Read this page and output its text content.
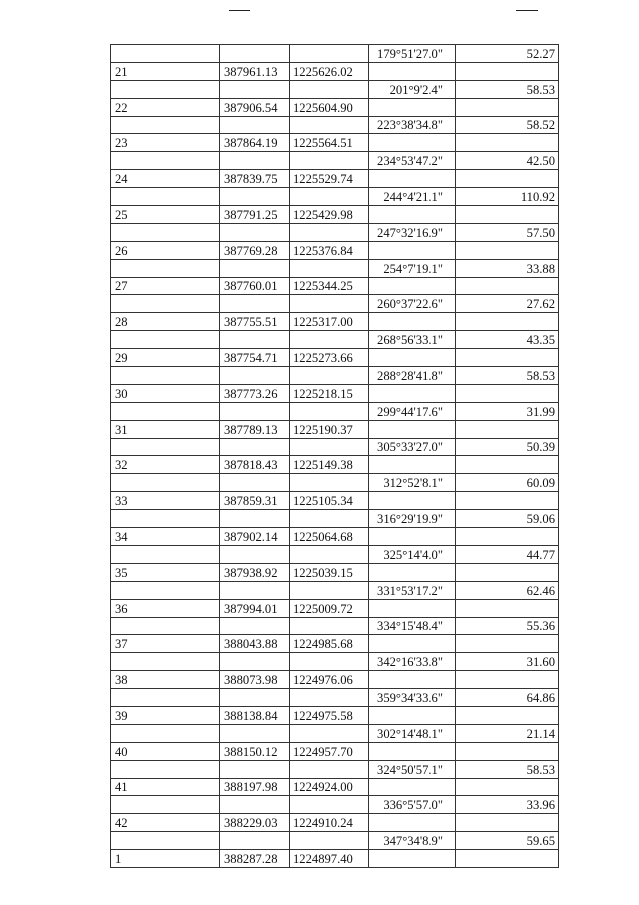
			179°51'27.0"	52.27
21	387961.13	1225626.02		
			201°9'2.4"	58.53
22	387906.54	1225604.90		
			223°38'34.8"	58.52
23	387864.19	1225564.51		
			234°53'47.2"	42.50
24	387839.75	1225529.74		
			244°4'21.1"	110.92
25	387791.25	1225429.98		
			247°32'16.9"	57.50
26	387769.28	1225376.84		
			254°7'19.1"	33.88
27	387760.01	1225344.25		
			260°37'22.6"	27.62
28	387755.51	1225317.00		
			268°56'33.1"	43.35
29	387754.71	1225273.66		
			288°28'41.8"	58.53
30	387773.26	1225218.15		
			299°44'17.6"	31.99
31	387789.13	1225190.37		
			305°33'27.0"	50.39
32	387818.43	1225149.38		
			312°52'8.1"	60.09
33	387859.31	1225105.34		
			316°29'19.9"	59.06
34	387902.14	1225064.68		
			325°14'4.0"	44.77
35	387938.92	1225039.15		
			331°53'17.2"	62.46
36	387994.01	1225009.72		
			334°15'48.4"	55.36
37	388043.88	1224985.68		
			342°16'33.8"	31.60
38	388073.98	1224976.06		
			359°34'33.6"	64.86
39	388138.84	1224975.58		
			302°14'48.1"	21.14
40	388150.12	1224957.70		
			324°50'57.1"	58.53
41	388197.98	1224924.00		
			336°5'57.0"	33.96
42	388229.03	1224910.24		
			347°34'8.9"	59.65
1	388287.28	1224897.40		
